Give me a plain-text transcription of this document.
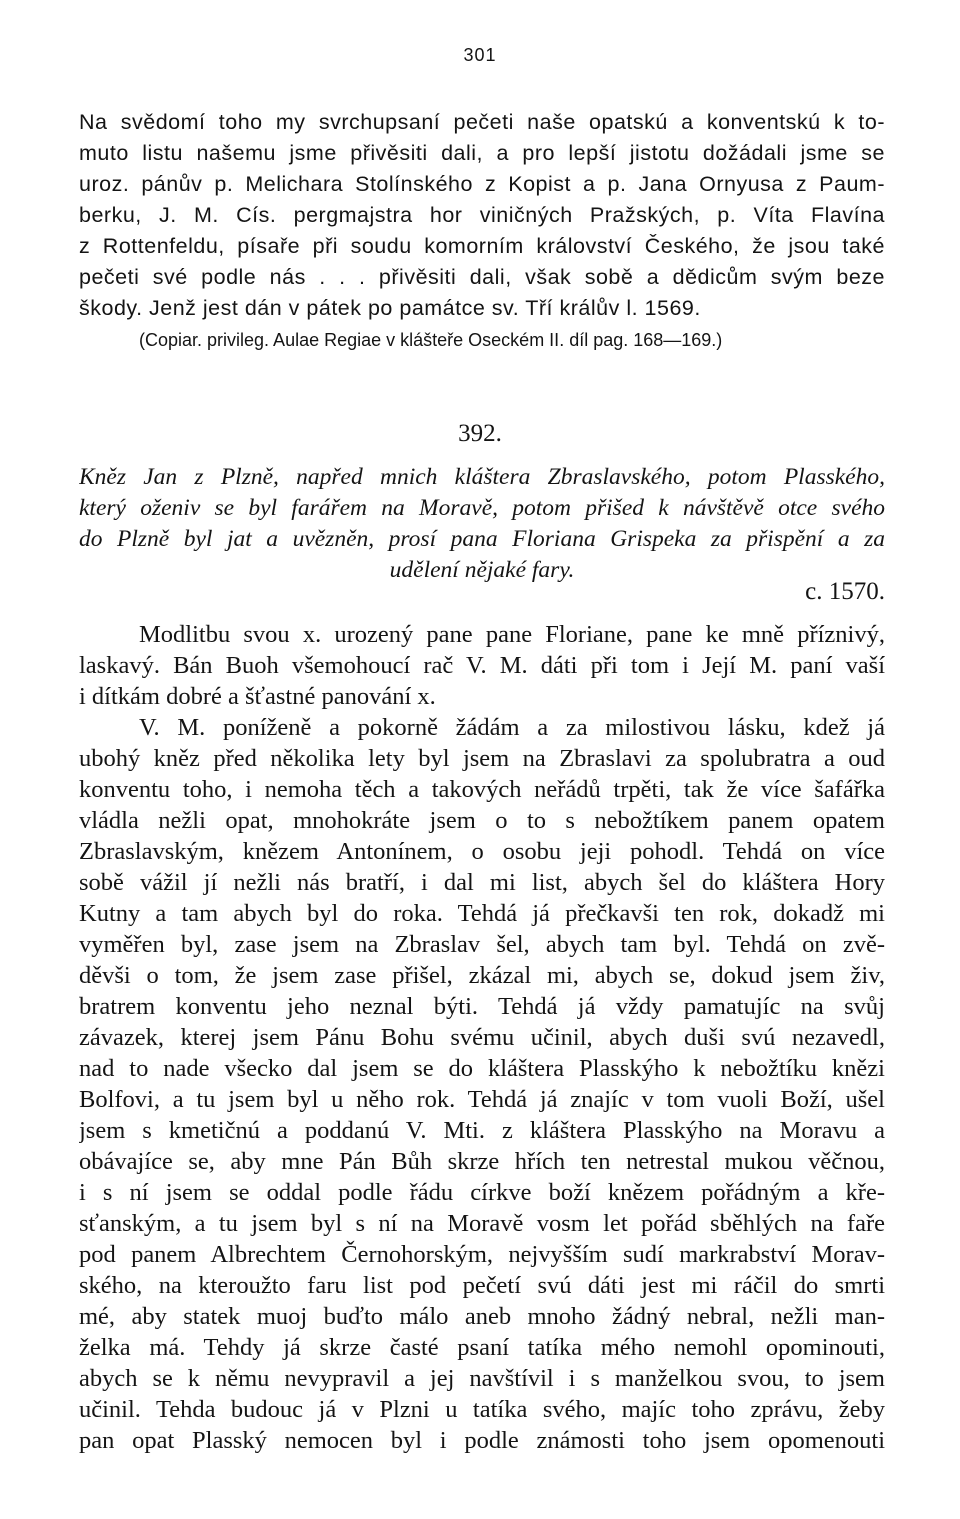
301
Na svědomí toho my svrchupsaní pečeti naše opatskú a konventskú k to-
muto listu našemu jsme přivěsiti dali, a pro lepší jistotu dožádali jsme se
uroz. pánův p. Melichara Stolínského z Kopist a p. Jana Ornyusa z Paum-
berku, J. M. Cís. pergmajstra hor viničných Pražských, p. Víta Flavína
z Rottenfeldu, písaře při soudu komorním království Českého, že jsou také
pečeti své podle nás . . . přivěsiti dali, však sobě a dědicům svým beze
škody. Jenž jest dán v pátek po památce sv. Tří králův l. 1569.
(Copiar. privileg. Aulae Regiae v klášteře Oseckém II. díl pag. 168—169.)
392.
Kněz Jan z Plzně, napřed mnich kláštera Zbraslavského, potom Plasského,
který oženiv se byl farářem na Moravě, potom přišed k návštěvě otce svého
do Plzně byl jat a uvězněn, prosí pana Floriana Grispeka za přispění a za
udělení nějaké fary.
c. 1570.
Modlitbu svou x. urozený pane pane Floriane, pane ke mně příznivý,
laskavý. Bán Buoh všemohoucí rač V. M. dáti při tom i Její M. paní vaší
i dítkám dobré a šťastné panování x.
V. M. poníženě a pokorně žádám a za milostivou lásku, kdež já
ubohý kněz před několika lety byl jsem na Zbraslavi za spolubratra a oud
konventu toho, i nemoha těch a takových neřádů trpěti, tak že více šafářka
vládla nežli opat, mnohokráte jsem o to s nebožtíkem panem opatem
Zbraslavským, knězem Antonínem, o osobu jeji pohodl. Tehdá on více
sobě vážil jí nežli nás bratří, i dal mi list, abych šel do kláštera Hory
Kutny a tam abych byl do roka. Tehdá já přečkavši ten rok, dokadž mi
vyměřen byl, zase jsem na Zbraslav šel, abych tam byl. Tehdá on zvě-
děvši o tom, že jsem zase přišel, zkázal mi, abych se, dokud jsem živ,
bratrem konventu jeho neznal býti. Tehdá já vždy pamatujíc na svůj
závazek, kterej jsem Pánu Bohu svému učinil, abych duši svú nezavedl,
nad to nade všecko dal jsem se do kláštera Plasskýho k nebožtíku knězi
Bolfovi, a tu jsem byl u něho rok. Tehdá já znajíc v tom vuoli Boží, ušel
jsem s kmetičnú a poddanú V. Mti. z kláštera Plasskýho na Moravu a
obávajíce se, aby mne Pán Bůh skrze hřích ten netrestal mukou věčnou,
i s ní jsem se oddal podle řádu církve boží knězem pořádným a kře-
sťanským, a tu jsem byl s ní na Moravě vosm let pořád sběhlých na faře
pod panem Albrechtem Černohorským, nejvyšším sudí markrabství Morav-
ského, na kteroužto faru list pod pečetí svú dáti jest mi ráčil do smrti
mé, aby statek muoj buďto málo aneb mnoho žádný nebral, nežli man-
želka má. Tehdy já skrze časté psaní tatíka mého nemohl opominouti,
abych se k němu nevypravil a jej navštívil i s manželkou svou, to jsem
učinil. Tehda budouc já v Plzni u tatíka svého, majíc toho zprávu, žeby
pan opat Plasský nemocen byl i podle známosti toho jsem opomenouti
